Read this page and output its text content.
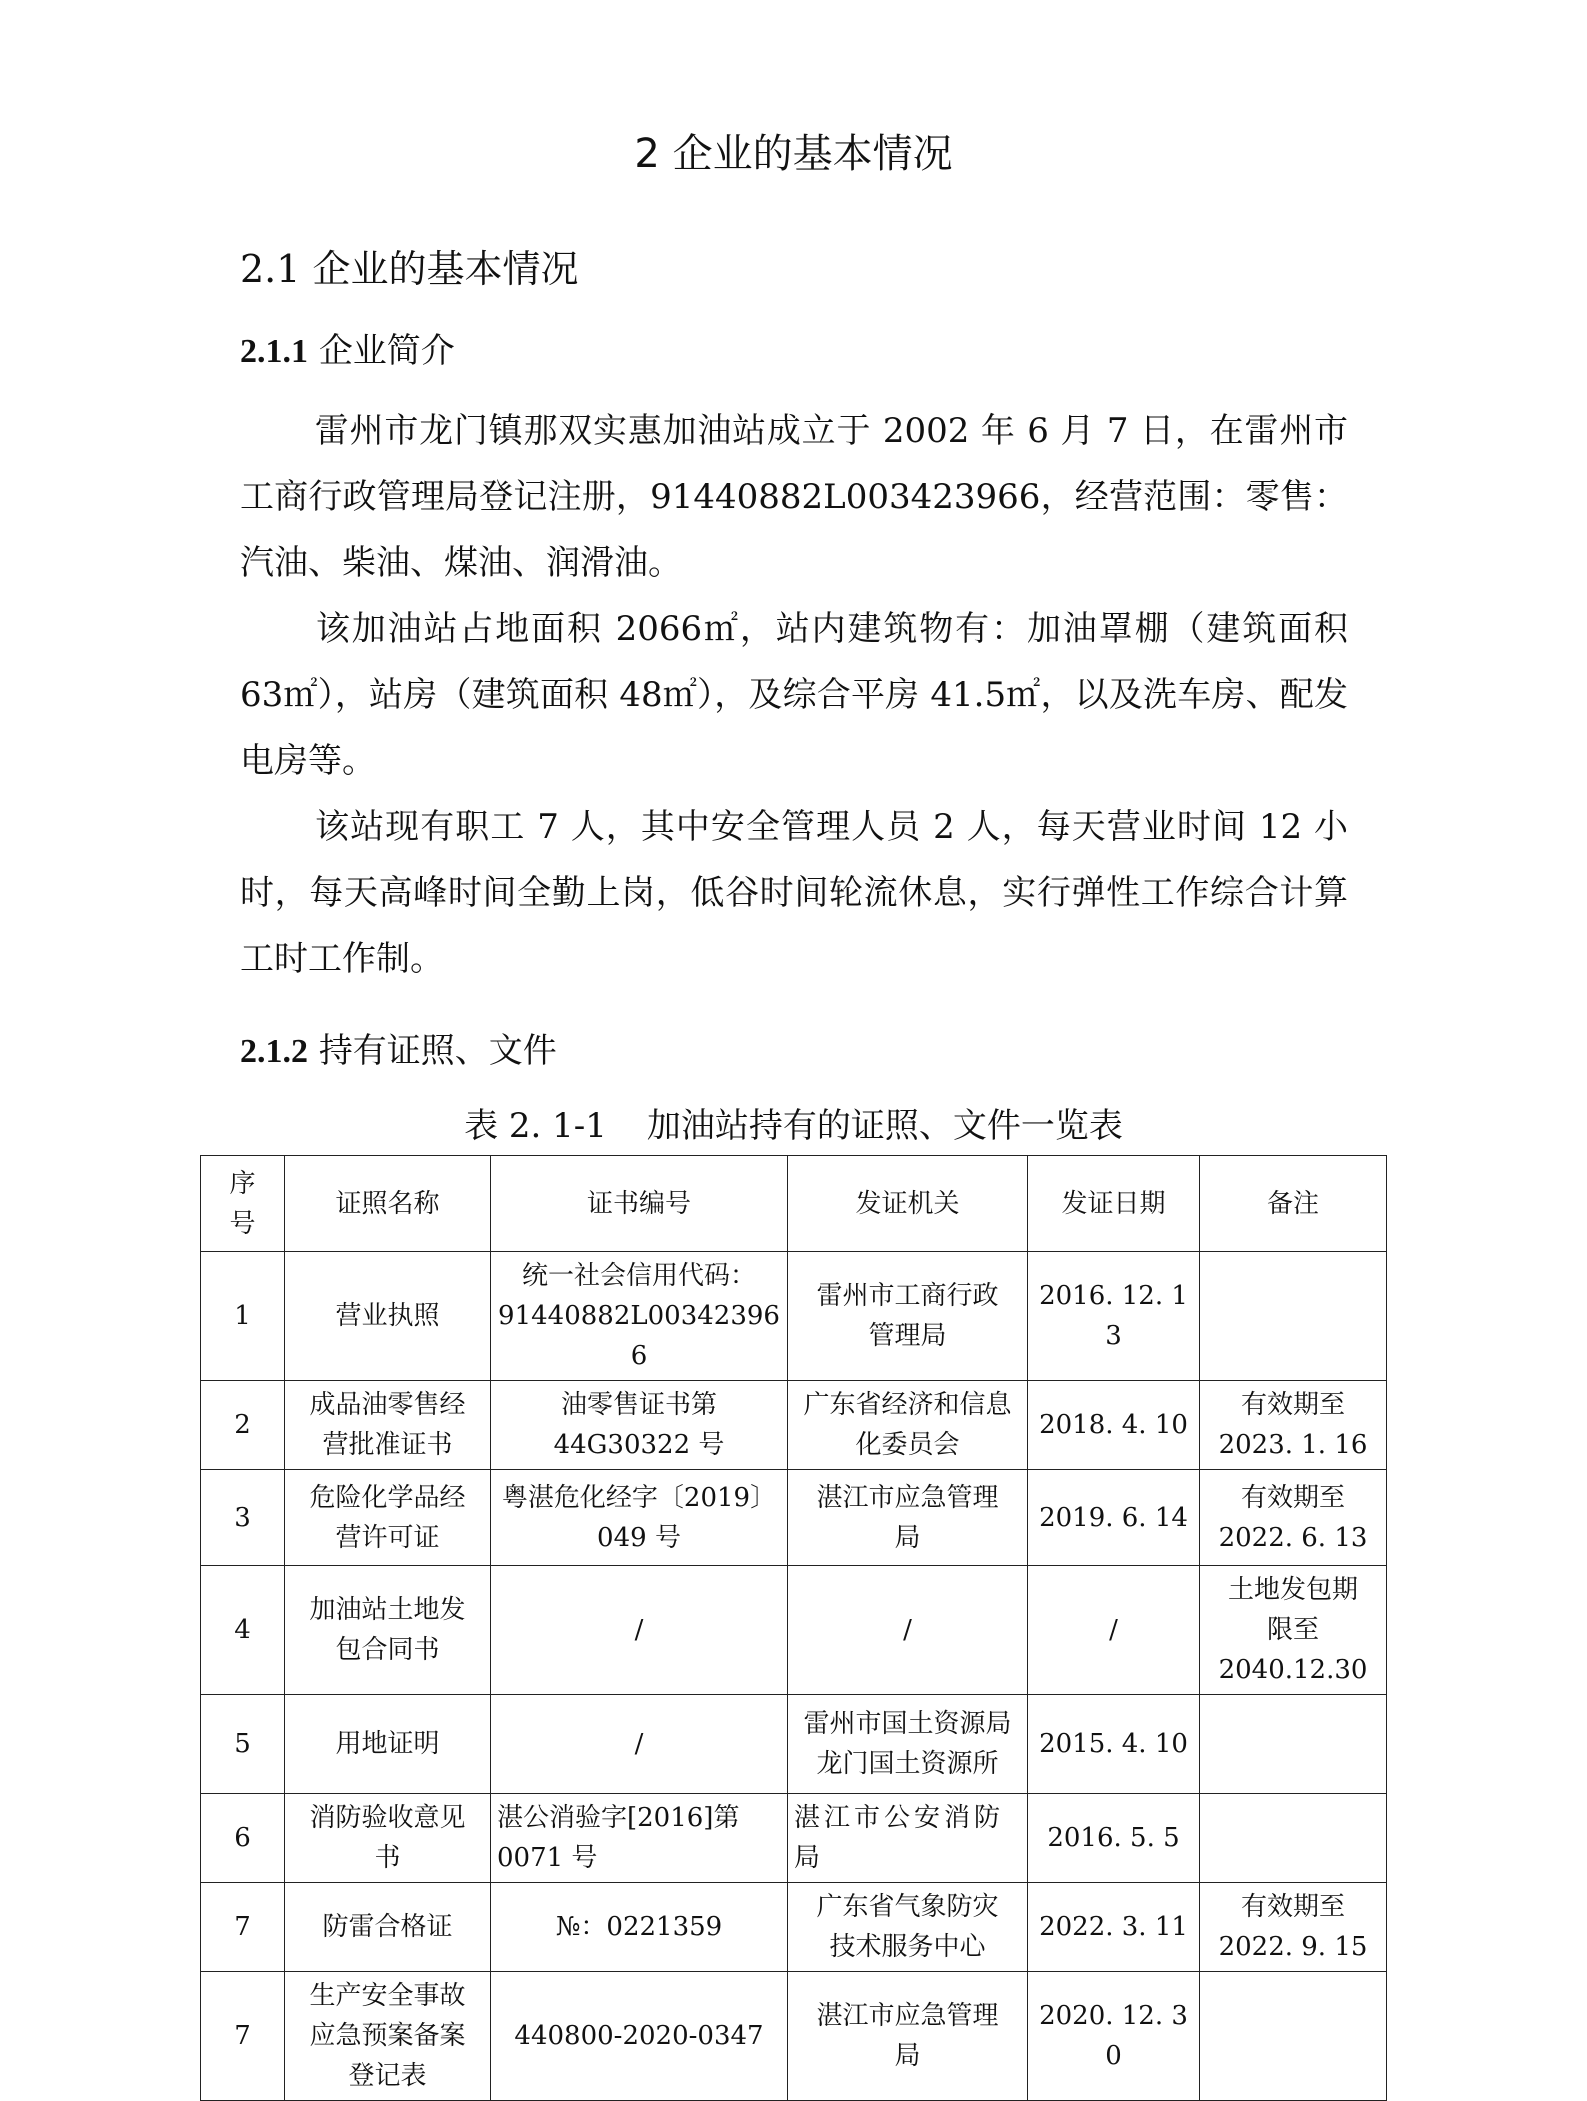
2 企业的基本情况
2.1 企业的基本情况
2.1.1 企业简介

雷州市龙门镇那双实惠加油站成立于 2002 年 6 月 7 日，在雷州市工商行政管理局登记注册，91440882L003423966，经营范围：零售：汽油、柴油、煤油、润滑油。

该加油站占地面积 2066㎡，站内建筑物有：加油罩棚（建筑面积 63㎡），站房（建筑面积 48㎡），及综合平房 41.5㎡，以及洗车房、配发电房等。

该站现有职工 7 人，其中安全管理人员 2 人，每天营业时间 12 小时，每天高峰时间全勤上岗，低谷时间轮流休息，实行弹性工作综合计算工时工作制。

2.1.2 持有证照、文件
表 2. 1-1 加油站持有的证照、文件一览表
序号	证照名称	证书编号	发证机关	发证日期	备注
1	营业执照	统一社会信用代码：
91440882L003423966	雷州市工商行政
管理局	2016. 12. 13	
2	成品油零售经
营批准证书	油零售证书第
44G30322 号	广东省经济和信息
化委员会	2018. 4. 10	有效期至
2023. 1. 16

3	危险化学品经
营许可证	粤湛危化经字〔2019〕
049 号	湛江市应急管理
局	2019. 6. 14	有效期至
2022. 6. 13

4	加油站土地发
包合同书	/	/	/	土地发包期
限至
2040.12.30

5	用地证明	/	雷州市国土资源局
龙门国土资源所	2015. 4. 10	
6	消防验收意见
书	湛公消验字[2016]第
0071 号	湛江市公安消防
局	2016. 5. 5	
7	防雷合格证	№：0221359	广东省气象防灾
技术服务中心	2022. 3. 11	有效期至
2022. 9. 15

7	生产安全事故
应急预案备案
登记表	440800-2020-0347	湛江市应急管理
局	2020. 12. 30	
